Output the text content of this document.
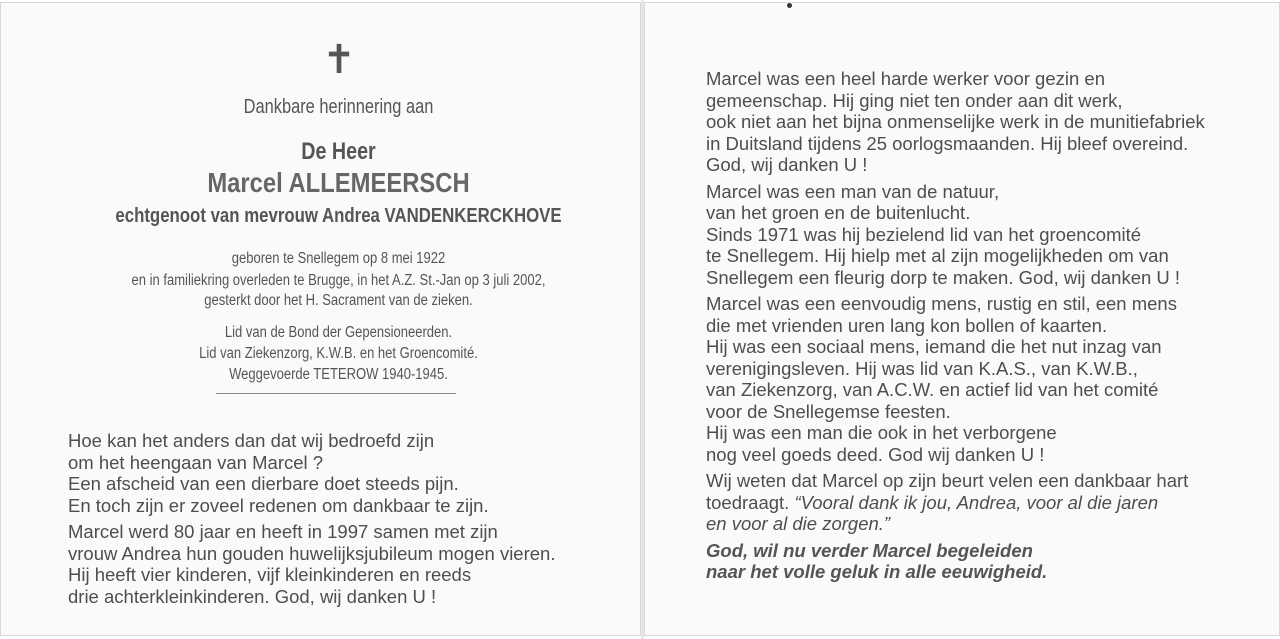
✝
Dankbare herinnering aan
De Heer
Marcel ALLEMEERSCH
echtgenoot van mevrouw Andrea VANDENKERCKHOVE
geboren te Snellegem op 8 mei 1922
en in familiekring overleden te Brugge, in het A.Z. St.-Jan op 3 juli 2002,
gesterkt door het H. Sacrament van de zieken.
Lid van de Bond der Gepensioneerden.
Lid van Ziekenzorg, K.W.B. en het Groencomité.
Weggevoerde TETEROW 1940-1945.
Hoe kan het anders dan dat wij bedroefd zijn
om het heengaan van Marcel ?
Een afscheid van een dierbare doet steeds pijn.
En toch zijn er zoveel redenen om dankbaar te zijn.
Marcel werd 80 jaar en heeft in 1997 samen met zijn
vrouw Andrea hun gouden huwelijksjubileum mogen vieren.
Hij heeft vier kinderen, vijf kleinkinderen en reeds
drie achterkleinkinderen. God, wij danken U !
Marcel was een heel harde werker voor gezin en
gemeenschap. Hij ging niet ten onder aan dit werk,
ook niet aan het bijna onmenselijke werk in de munitiefabriek
in Duitsland tijdens 25 oorlogsmaanden. Hij bleef overeind.
God, wij danken U !
Marcel was een man van de natuur,
van het groen en de buitenlucht.
Sinds 1971 was hij bezielend lid van het groencomité
te Snellegem. Hij hielp met al zijn mogelijkheden om van
Snellegem een fleurig dorp te maken. God, wij danken U !
Marcel was een eenvoudig mens, rustig en stil, een mens
die met vrienden uren lang kon bollen of kaarten.
Hij was een sociaal mens, iemand die het nut inzag van
verenigingsleven. Hij was lid van K.A.S., van K.W.B.,
van Ziekenzorg, van A.C.W. en actief lid van het comité
voor de Snellegemse feesten.
Hij was een man die ook in het verborgene
nog veel goeds deed. God wij danken U !
Wij weten dat Marcel op zijn beurt velen een dankbaar hart
toedraagt. “Vooral dank ik jou, Andrea, voor al die jaren
en voor al die zorgen.”
God, wil nu verder Marcel begeleiden
naar het volle geluk in alle eeuwigheid.
